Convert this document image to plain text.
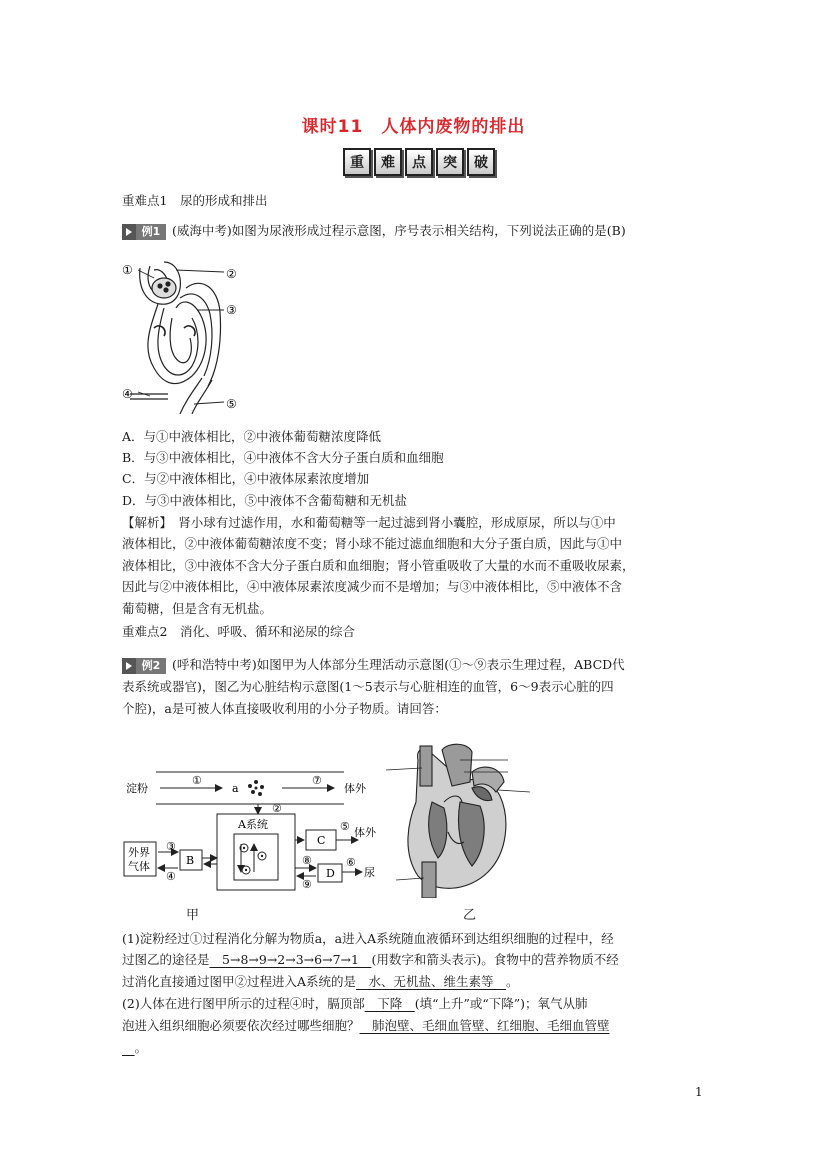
课时11　人体内废物的排出
重	难	点	突	破
重难点1　尿的形成和排出
例1 (威海中考)如图为尿液形成过程示意图，序号表示相关结构，下列说法正确的是(B)
①	②
③
④
⑤
A．与①中液体相比，②中液体葡萄糖浓度降低
B．与③中液体相比，④中液体不含大分子蛋白质和血细胞
C．与②中液体相比，④中液体尿素浓度增加
D．与③中液体相比，⑤中液体不含葡萄糖和无机盐
【解析】　肾小球有过滤作用，水和葡萄糖等一起过滤到肾小囊腔，形成原尿，所以与①中
液体相比，②中液体葡萄糖浓度不变；肾小球不能过滤血细胞和大分子蛋白质，因此与①中
液体相比，③中液体不含大分子蛋白质和血细胞；肾小管重吸收了大量的水而不重吸收尿素，
因此与②中液体相比，④中液体尿素浓度减少而不是增加；与③中液体相比，⑤中液体不含
葡萄糖，但是含有无机盐。
重难点2　消化、呼吸、循环和泌尿的综合
例2 (呼和浩特中考)如图甲为人体部分生理活动示意图(①～⑨表示生理过程，ABCD代
表系统或器官)，图乙为心脏结构示意图(1～5表示与心脏相连的血管，6～9表示心脏的四
个腔)，a是可被人体直接吸收利用的小分子物质。请回答：
淀粉	a	体外
A系统
外界
气体	B
C
D
体外
尿
①	⑦
②
③
④
⑤
⑧
⑨
⑥
甲	乙
(1)淀粉经过①过程消化分解为物质a，a进入A系统随血液循环到达组织细胞的过程中，经
过图乙的途径是　5→8→9→2→3→6→7→1　(用数字和箭头表示)。食物中的营养物质不经
过消化直接通过图甲②过程进入A系统的是　水、无机盐、维生素等　。
(2)人体在进行图甲所示的过程④时，膈顶部　下降　(填“上升”或“下降”)；氧气从肺
泡进入组织细胞必须要依次经过哪些细胞？　肺泡壁、毛细血管壁、红细胞、毛细血管壁
　。
1
